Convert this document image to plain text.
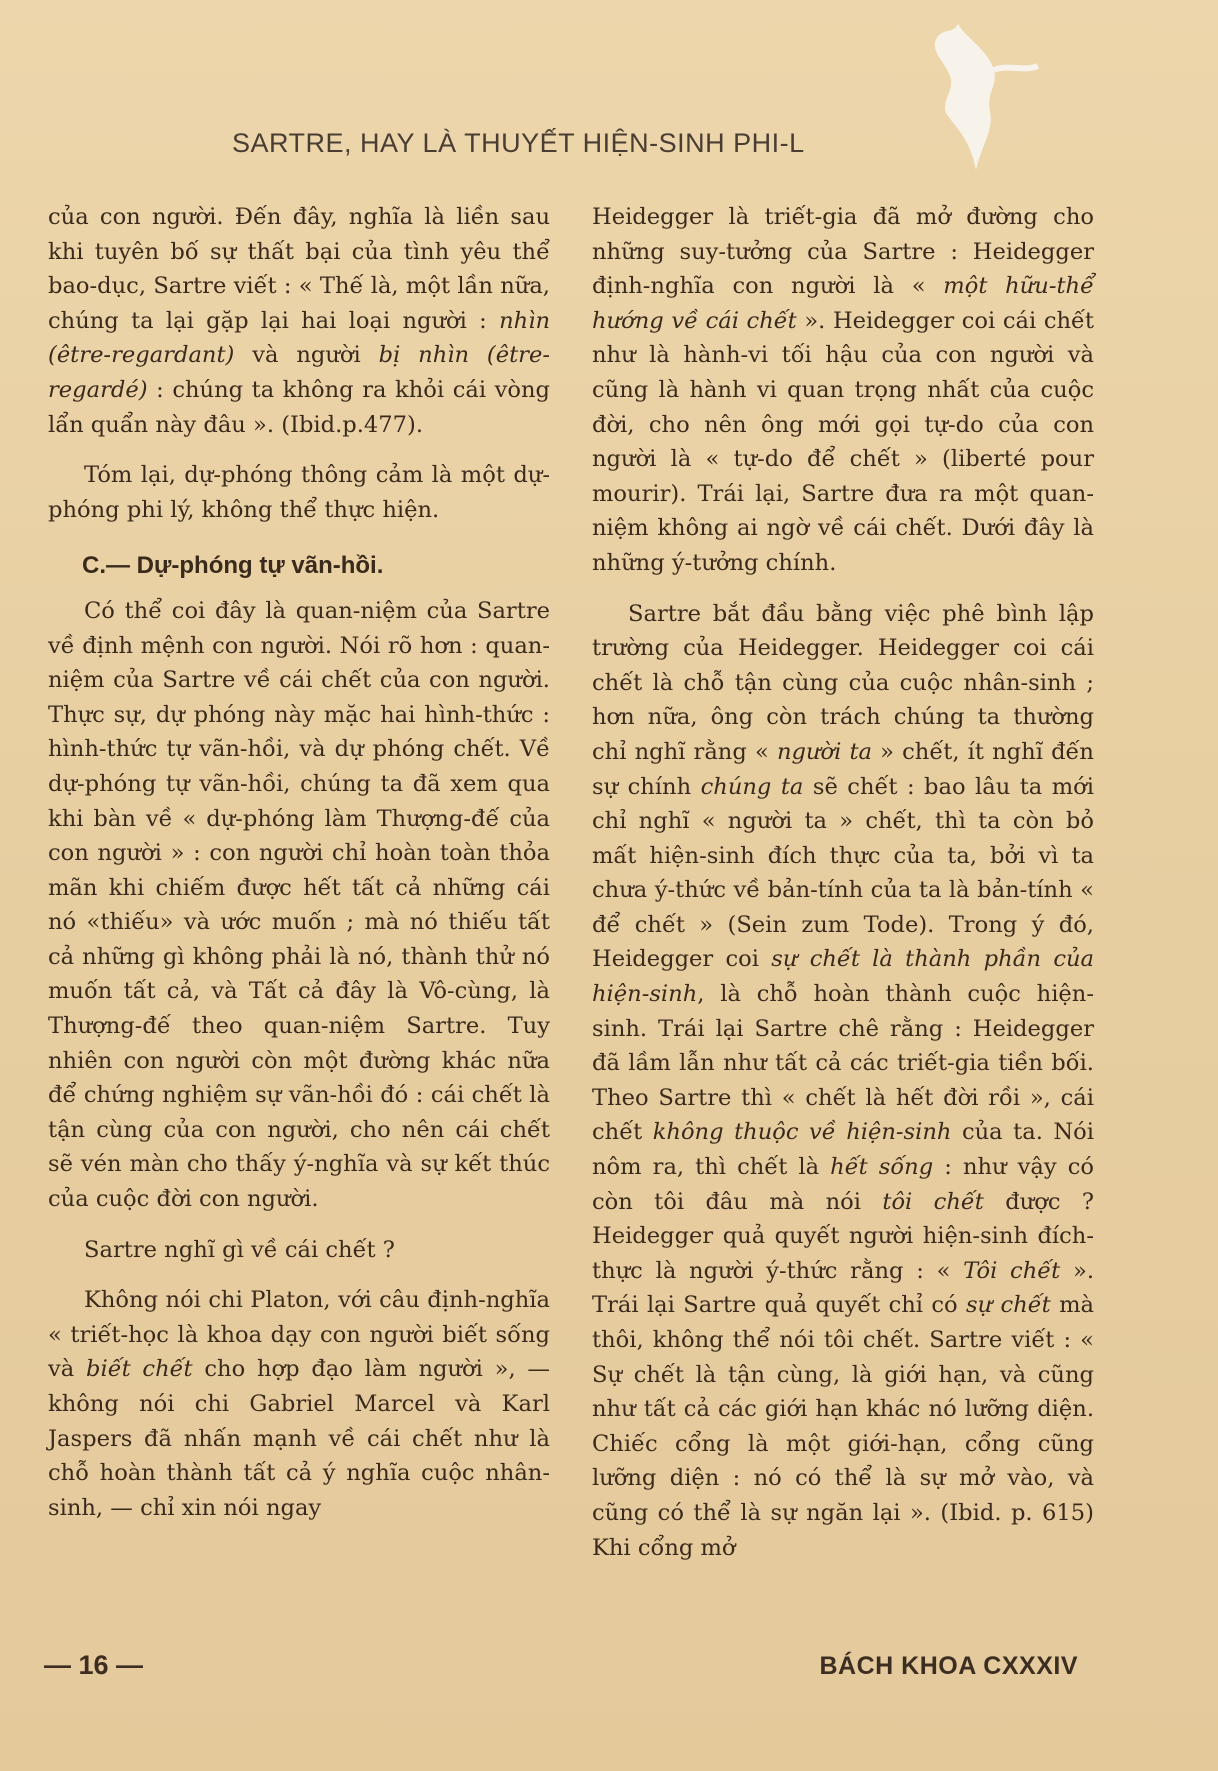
SARTRE, HAY LÀ THUYẾT HIỆN-SINH PHI-L

của con người. Đến đây, nghĩa là liền sau khi tuyên bố sự thất bại của tình yêu thể bao-dục, Sartre viết : « Thế là, một lần nữa, chúng ta lại gặp lại hai loại người : nhìn (être-regardant) và người bị nhìn (être-regardé) : chúng ta không ra khỏi cái vòng lẩn quẩn này đâu ». (Ibid.p.477).

Tóm lại, dự-phóng thông cảm là một dự-phóng phi lý, không thể thực hiện.

C.— Dự-phóng tự vãn-hồi.

Có thể coi đây là quan-niệm của Sartre về định mệnh con người. Nói rõ hơn : quan-niệm của Sartre về cái chết của con người. Thực sự, dự phóng này mặc hai hình-thức : hình-thức tự vãn-hồi, và dự phóng chết. Về dự-phóng tự vãn-hồi, chúng ta đã xem qua khi bàn về « dự-phóng làm Thượng-đế của con người » : con người chỉ hoàn toàn thỏa mãn khi chiếm được hết tất cả những cái nó «thiếu» và ước muốn ; mà nó thiếu tất cả những gì không phải là nó, thành thử nó muốn tất cả, và Tất cả đây là Vô-cùng, là Thượng-đế theo quan-niệm Sartre. Tuy nhiên con người còn một đường khác nữa để chứng nghiệm sự vãn-hồi đó : cái chết là tận cùng của con người, cho nên cái chết sẽ vén màn cho thấy ý-nghĩa và sự kết thúc của cuộc đời con người.

Sartre nghĩ gì về cái chết ?

Không nói chi Platon, với câu định-nghĩa « triết-học là khoa dạy con người biết sống và biết chết cho hợp đạo làm người », — không nói chi Gabriel Marcel và Karl Jaspers đã nhấn mạnh về cái chết như là chỗ hoàn thành tất cả ý nghĩa cuộc nhân-sinh, — chỉ xin nói ngay

Heidegger là triết-gia đã mở đường cho những suy-tưởng của Sartre : Heidegger định-nghĩa con người là « một hữu-thể hướng về cái chết ». Heidegger coi cái chết như là hành-vi tối hậu của con người và cũng là hành vi quan trọng nhất của cuộc đời, cho nên ông mới gọi tự-do của con người là « tự-do để chết » (liberté pour mourir). Trái lại, Sartre đưa ra một quan-niệm không ai ngờ về cái chết. Dưới đây là những ý-tưởng chính.

Sartre bắt đầu bằng việc phê bình lập trường của Heidegger. Heidegger coi cái chết là chỗ tận cùng của cuộc nhân-sinh ; hơn nữa, ông còn trách chúng ta thường chỉ nghĩ rằng « người ta » chết, ít nghĩ đến sự chính chúng ta sẽ chết : bao lâu ta mới chỉ nghĩ « người ta » chết, thì ta còn bỏ mất hiện-sinh đích thực của ta, bởi vì ta chưa ý-thức về bản-tính của ta là bản-tính « để chết » (Sein zum Tode). Trong ý đó, Heidegger coi sự chết là thành phần của hiện-sinh, là chỗ hoàn thành cuộc hiện-sinh. Trái lại Sartre chê rằng : Heidegger đã lầm lẫn như tất cả các triết-gia tiền bối. Theo Sartre thì « chết là hết đời rồi », cái chết không thuộc về hiện-sinh của ta. Nói nôm ra, thì chết là hết sống : như vậy có còn tôi đâu mà nói tôi chết được ? Heidegger quả quyết người hiện-sinh đích-thực là người ý-thức rằng : « Tôi chết ». Trái lại Sartre quả quyết chỉ có sự chết mà thôi, không thể nói tôi chết. Sartre viết : « Sự chết là tận cùng, là giới hạn, và cũng như tất cả các giới hạn khác nó lưỡng diện. Chiếc cổng là một giới-hạn, cổng cũng lưỡng diện : nó có thể là sự mở vào, và cũng có thể là sự ngăn lại ». (Ibid. p. 615) Khi cổng mở

— 16 —	BÁCH KHOA CXXXIV
